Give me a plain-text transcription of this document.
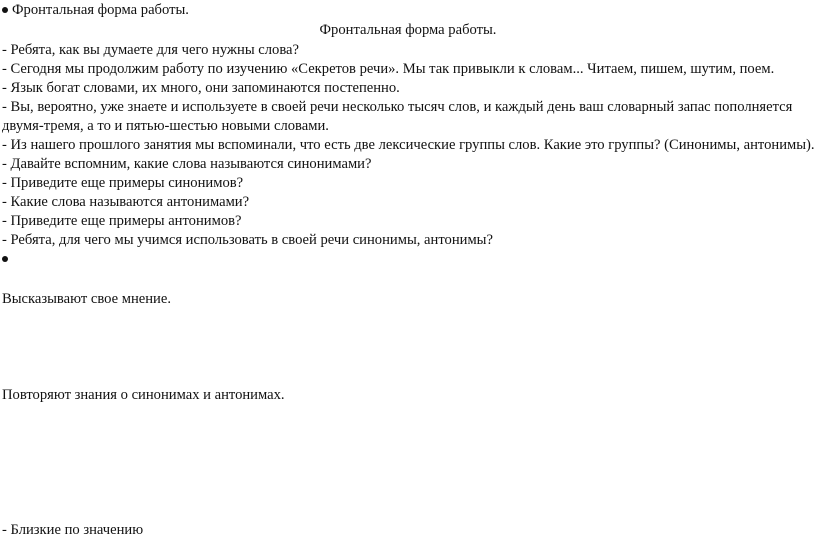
Фронтальная форма работы.
Фронтальная форма работы.
- Ребята, как вы думаете для чего нужны слова?
- Сегодня мы продолжим работу по изучению «Секретов речи». Мы так привыкли к словам... Читаем, пишем, шутим, поем.
- Язык богат словами, их много, они запоминаются постепенно.
- Вы, вероятно, уже знаете и используете в своей речи несколько тысяч слов, и каждый день ваш словарный запас пополняется
двумя-тремя, а то и пятью-шестью новыми словами.
- Из нашего прошлого занятия мы вспоминали, что есть две лексические группы слов. Какие это группы? (Синонимы, антонимы).
- Давайте вспомним, какие слова называются синонимами?
- Приведите еще примеры синонимов?
- Какие слова называются антонимами?
- Приведите еще примеры антонимов?
- Ребята, для чего мы учимся использовать в своей речи синонимы, антонимы?
Высказывают свое мнение.
Повторяют знания о синонимах и антонимах.
- Близкие по значению
